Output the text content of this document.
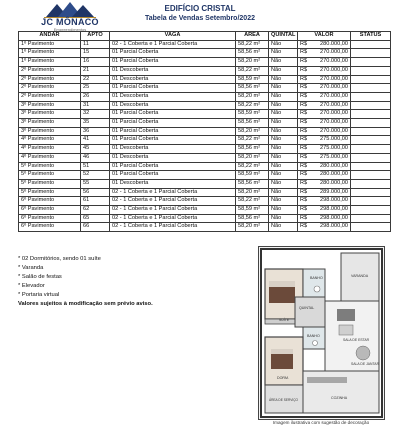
JC MÔNACO
Empreendimentos
EDIFÍCIO CRISTAL
Tabela de Vendas Setembro/2022
ANDAR	APTO	VAGA	ÁREA	QUINTAL	VALOR	STATUS
1º Pavimento	11	02 - 1 Coberta e 1 Parcial Coberta	58,22 m²	Não	R$ 280.000,00	

1º Pavimento	15	01 Parcial Coberta	58,56 m²	Não	R$ 270.000,00	

1º Pavimento	16	01 Parcial Coberta	58,20 m²	Não	R$ 270.000,00	

2º Pavimento	21	01 Descoberta	58,22 m²	Não	R$ 270.000,00	

2º Pavimento	22	01 Descoberta	58,59 m²	Não	R$ 270.000,00	

2º Pavimento	25	01 Parcial Coberta	58,56 m²	Não	R$ 270.000,00	

2º Pavimento	26	01 Descoberta	58,20 m²	Não	R$ 270.000,00	

3º Pavimento	31	01 Descoberta	58,22 m²	Não	R$ 270.000,00	

3º Pavimento	32	01 Parcial Coberta	58,59 m²	Não	R$ 270.000,00	

3º Pavimento	35	01 Parcial Coberta	58,56 m²	Não	R$ 270.000,00	

3º Pavimento	36	01 Parcial Coberta	58,20 m²	Não	R$ 270.000,00	

4º Pavimento	41	01 Parcial Coberta	58,22 m²	Não	R$ 275.000,00	

4º Pavimento	45	01 Descoberta	58,56 m²	Não	R$ 275.000,00	

4º Pavimento	46	01 Descoberta	58,20 m²	Não	R$ 275.000,00	

5º Pavimento	51	01 Parcial Coberta	58,22 m²	Não	R$ 280.000,00	

5º Pavimento	52	01 Parcial Coberta	58,59 m²	Não	R$ 280.000,00	

5º Pavimento	55	01 Descoberta	58,56 m²	Não	R$ 280.000,00	

5º Pavimento	56	02 - 1 Coberta e 1 Parcial Coberta	58,20 m²	Não	R$ 289.000,00	

6º Pavimento	61	02 - 1 Coberta e 1 Parcial Coberta	58,22 m²	Não	R$ 298.000,00	

6º Pavimento	62	02 - 1 Coberta e 1 Parcial Coberta	58,59 m²	Não	R$ 298.000,00	

6º Pavimento	65	02 - 1 Coberta e 1 Parcial Coberta	58,56 m²	Não	R$ 298.000,00	

6º Pavimento	66	02 - 1 Coberta e 1 Parcial Coberta	58,20 m²	Não	R$ 298.000,00	

* 02 Dormitórios, sendo 01 suíte
* Varanda
* Salão de festas
* Elevador
* Portaria virtual
Valores sujeitos à modificação sem prévio aviso.
BANHO
QUINTAL
VARANDA
SUÍTE
BANHO
DORM.
SALA DE ESTAR
SALA DE JANTAR
COZINHA
ÁREA DE SERVIÇO
Imagem ilustrativa com sugestão de decoração
